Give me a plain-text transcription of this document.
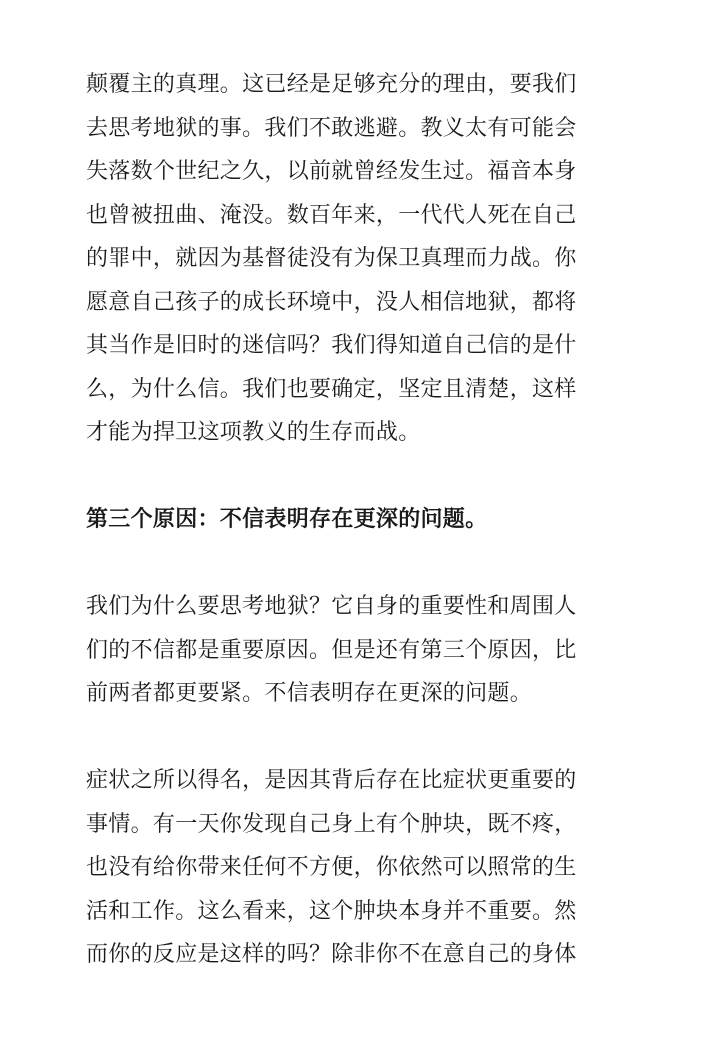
颠覆主的真理。这已经是足够充分的理由，要我们
去思考地狱的事。我们不敢逃避。教义太有可能会
失落数个世纪之久，以前就曾经发生过。福音本身
也曾被扭曲、淹没。数百年来，一代代人死在自己
的罪中，就因为基督徒没有为保卫真理而力战。你
愿意自己孩子的成长环境中，没人相信地狱，都将
其当作是旧时的迷信吗？我们得知道自己信的是什
么，为什么信。我们也要确定，坚定且清楚，这样
才能为捍卫这项教义的生存而战。
第三个原因：不信表明存在更深的问题。
我们为什么要思考地狱？它自身的重要性和周围人
们的不信都是重要原因。但是还有第三个原因，比
前两者都更要紧。不信表明存在更深的问题。
症状之所以得名，是因其背后存在比症状更重要的
事情。有一天你发现自己身上有个肿块，既不疼，
也没有给你带来任何不方便，你依然可以照常的生
活和工作。这么看来，这个肿块本身并不重要。然
而你的反应是这样的吗？除非你不在意自己的身体
